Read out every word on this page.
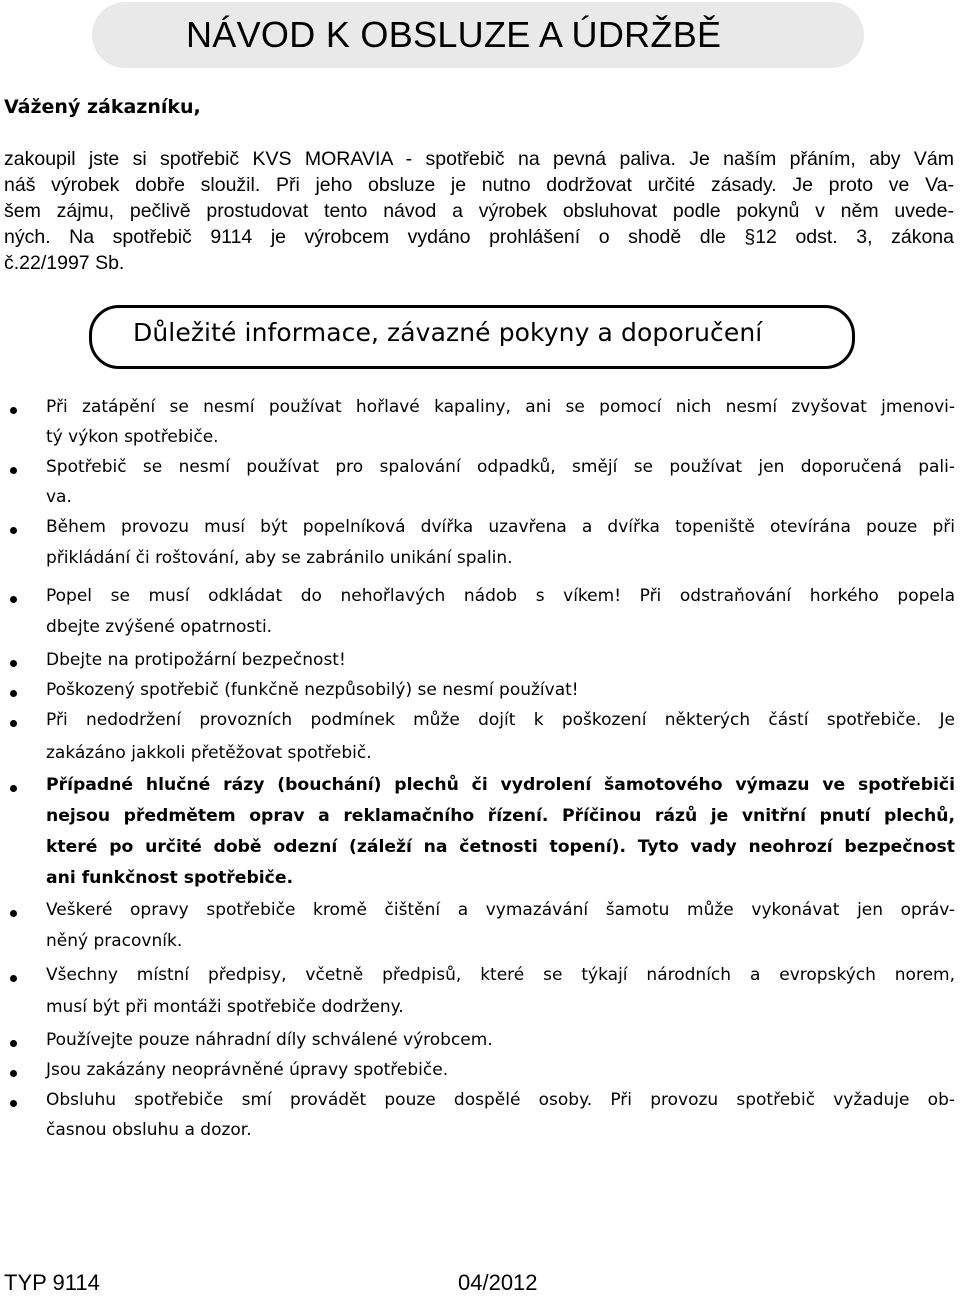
NÁVOD K OBSLUZE A ÚDRŽBĚ

Vážený zákazníku,

zakoupil jste si spotřebič KVS MORAVIA - spotřebič na pevná paliva. Je naším přáním, aby Vám

náš výrobek dobře sloužil. Při jeho obsluze je nutno dodržovat určité zásady. Je proto ve Va-

šem zájmu, pečlivě prostudovat tento návod a výrobek obsluhovat podle pokynů v něm uvede-

ných. Na spotřebič 9114 je výrobcem vydáno prohlášení o shodě dle §12 odst. 3, zákona

č.22/1997 Sb.

Důležité informace, závazné pokyny a doporučení

Při zatápění se nesmí používat hořlavé kapaliny, ani se pomocí nich nesmí zvyšovat jmenovi-

tý výkon spotřebiče.

Spotřebič se nesmí používat pro spalování odpadků, smějí se používat jen doporučená pali-

va.

Během provozu musí být popelníková dvířka uzavřena a dvířka topeniště otevírána pouze při

přikládání či roštování, aby se zabránilo unikání spalin.

Popel se musí odkládat do nehořlavých nádob s víkem! Při odstraňování horkého popela

dbejte zvýšené opatrnosti.

Dbejte na protipožární bezpečnost!

Poškozený spotřebič (funkčně nezpůsobilý) se nesmí používat!

Při nedodržení provozních podmínek může dojít k poškození některých částí spotřebiče. Je

zakázáno jakkoli přetěžovat spotřebič.

Případné hlučné rázy (bouchání) plechů či vydrolení šamotového výmazu ve spotřebiči

nejsou předmětem oprav a reklamačního řízení. Příčinou rázů je vnitřní pnutí plechů,

které po určité době odezní (záleží na četnosti topení). Tyto vady neohrozí bezpečnost

ani funkčnost spotřebiče.

Veškeré opravy spotřebiče kromě čištění a vymazávání šamotu může vykonávat jen opráv-

něný pracovník.

Všechny místní předpisy, včetně předpisů, které se týkají národních a evropských norem,

musí být při montáži spotřebiče dodrženy.

Používejte pouze náhradní díly schválené výrobcem.

Jsou zakázány neoprávněné úpravy spotřebiče.

Obsluhu spotřebiče smí provádět pouze dospělé osoby. Při provozu spotřebič vyžaduje ob-

časnou obsluhu a dozor.

TYP 9114	04/2012
